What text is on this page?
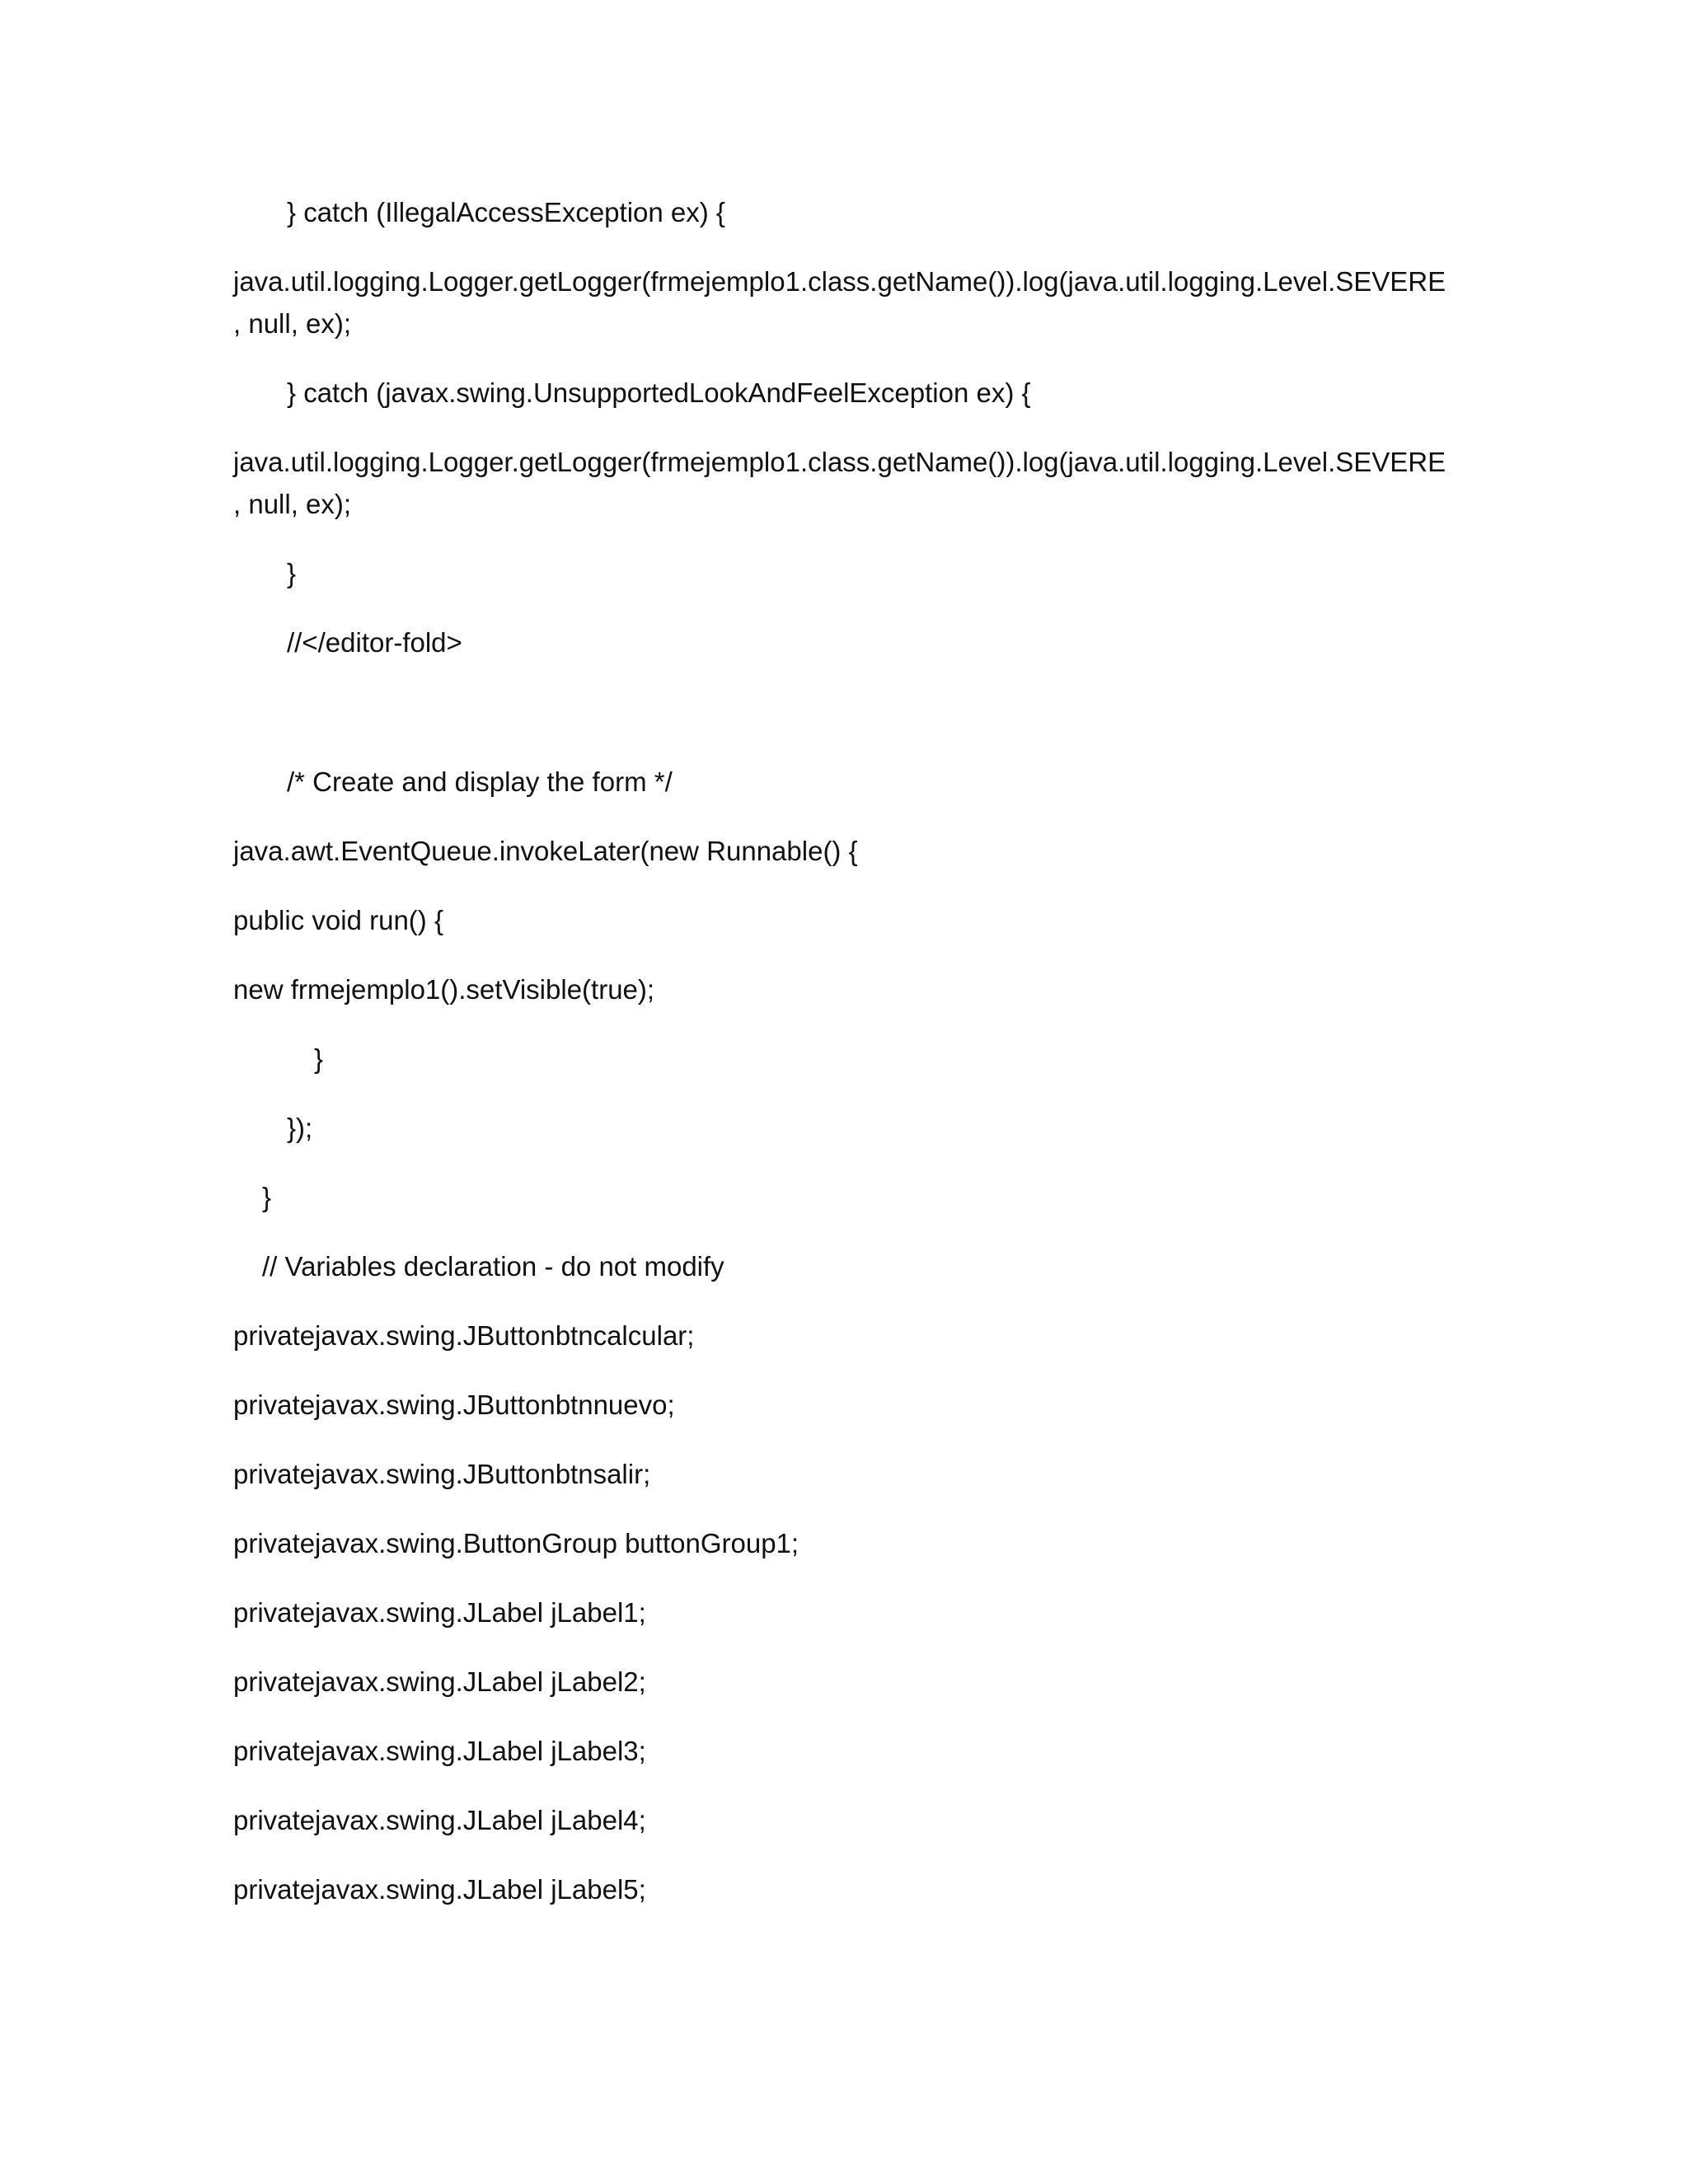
} catch (IllegalAccessException ex) {

java.util.logging.Logger.getLogger(frmejemplo1.class.getName()).log(java.util.logging.Level.SEVERE

, null, ex);

} catch (javax.swing.UnsupportedLookAndFeelException ex) {

java.util.logging.Logger.getLogger(frmejemplo1.class.getName()).log(java.util.logging.Level.SEVERE

, null, ex);

}

//</editor-fold>

/* Create and display the form */

java.awt.EventQueue.invokeLater(new Runnable() {

public void run() {

new frmejemplo1().setVisible(true);

}

});

}

// Variables declaration - do not modify

privatejavax.swing.JButtonbtncalcular;

privatejavax.swing.JButtonbtnnuevo;

privatejavax.swing.JButtonbtnsalir;

privatejavax.swing.ButtonGroup buttonGroup1;

privatejavax.swing.JLabel jLabel1;

privatejavax.swing.JLabel jLabel2;

privatejavax.swing.JLabel jLabel3;

privatejavax.swing.JLabel jLabel4;

privatejavax.swing.JLabel jLabel5;
